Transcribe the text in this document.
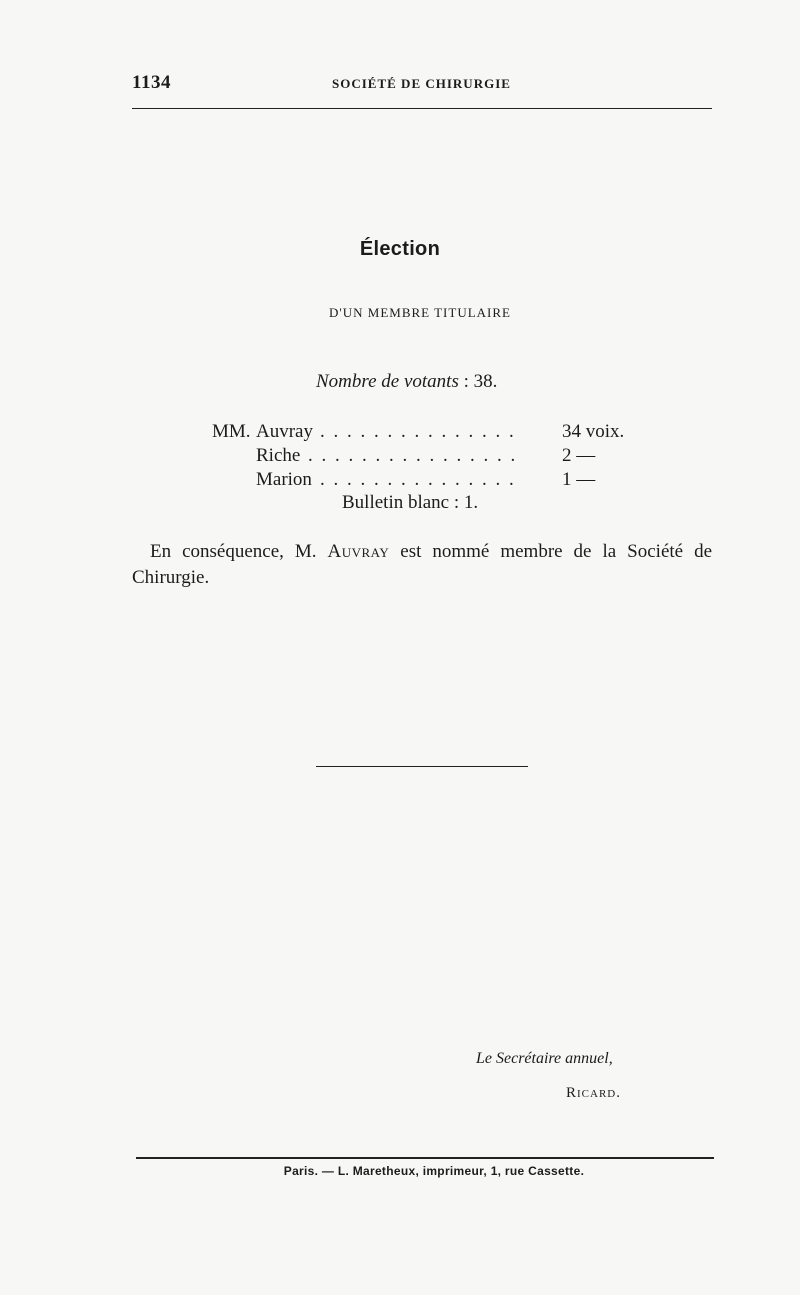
1134	SOCIÉTÉ DE CHIRURGIE
Élection
D'UN MEMBRE TITULAIRE
Nombre de votants : 38.
MM. Auvray . . . . . . . . . . . . . . . 34 voix.
Riche . . . . . . . . . . . . . . . . 2 —
Marion . . . . . . . . . . . . . . . 1 —
Bulletin blanc : 1.
En conséquence, M. Auvray est nommé membre de la Société de Chirurgie.
Le Secrétaire annuel,
Ricard.
Paris. — L. Maretheux, imprimeur, 1, rue Cassette.
